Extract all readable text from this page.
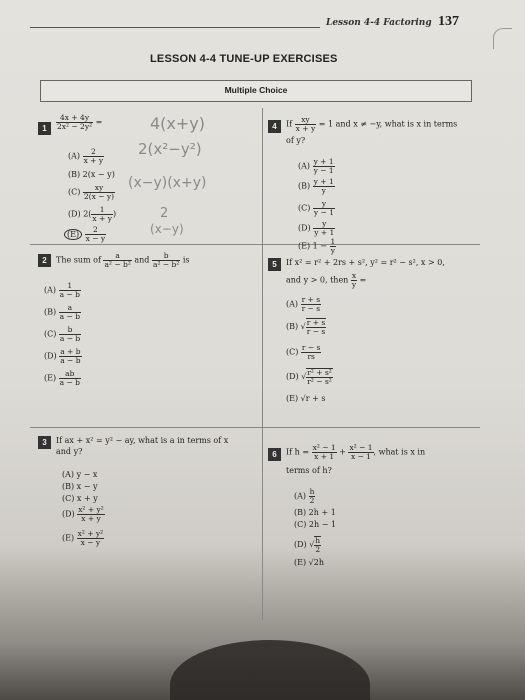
Lesson 4-4 Factoring 137
LESSON 4-4 TUNE-UP EXERCISES
Multiple Choice
1	$\frac{4x + 4y}{\text{2x² − 2y²}}$ =
$(A) \frac{2}{x + y}$
(B) 2(x − y)
$(C) \frac{xy}{2(x - y)}$
(D) $2( \frac{1}{x + y}$ )
$(E) \frac{2}{x - y}$
4(x+y)
2(x²−y²)
(x−y)(x+y)
2
(x−y)
4	If $\frac{xy}{x + y} = 1$ and x ≠ −y, what is x in terms
of y?
$(A) \frac{y + 1}{y - 1}$
$(B) \frac{y + 1}{y}$
$(C) \frac{y}{y - 1}$
$(D) \frac{y}{y + 1}$
(E) $1 - \frac{1}{y}$
2	The sum of $\frac{a}{\text{a² − b²}}$ and $\frac{b}{\text{a² − b²}}$ is
$(A) \frac{1}{a - b}$
$(B) \frac{a}{a - b}$
$(C) \frac{b}{a - b}$
$(D) \frac{a + b}{a - b}$
$(E) \frac{ab}{a - b}$
5	If x² = r² + 2rs + s², y² = r² − s², x > 0,
and y > 0, then $\frac{x}{y}$ =
$(A) \frac{r + s}{r - s}$
(B) √ $\frac{r + s}{r - s}$
$(C) \frac{r - s}{rs}$
(D) √ $\frac{\text{r² + s²}}{\text{r² − s²}}$
(E) √r + s
3	If ax + x² = y² − ay, what is a in terms of x
and y?
(A) y − x
(B) x − y
(C) x + y
$(D) \frac{\text{x² + y²}}{x + y}$
$(E) \frac{\text{x² + y²}}{x - y}$
6	If $h = \frac{\text{x² − 1}}{x + 1} + \frac{\text{x² − 1}}{x - 1}$ , what is x in
terms of h?
$(A) \frac{h}{2}$
(B) 2h + 1
(C) 2h − 1
(D) √ $\frac{h}{2}$
(E) √2h
